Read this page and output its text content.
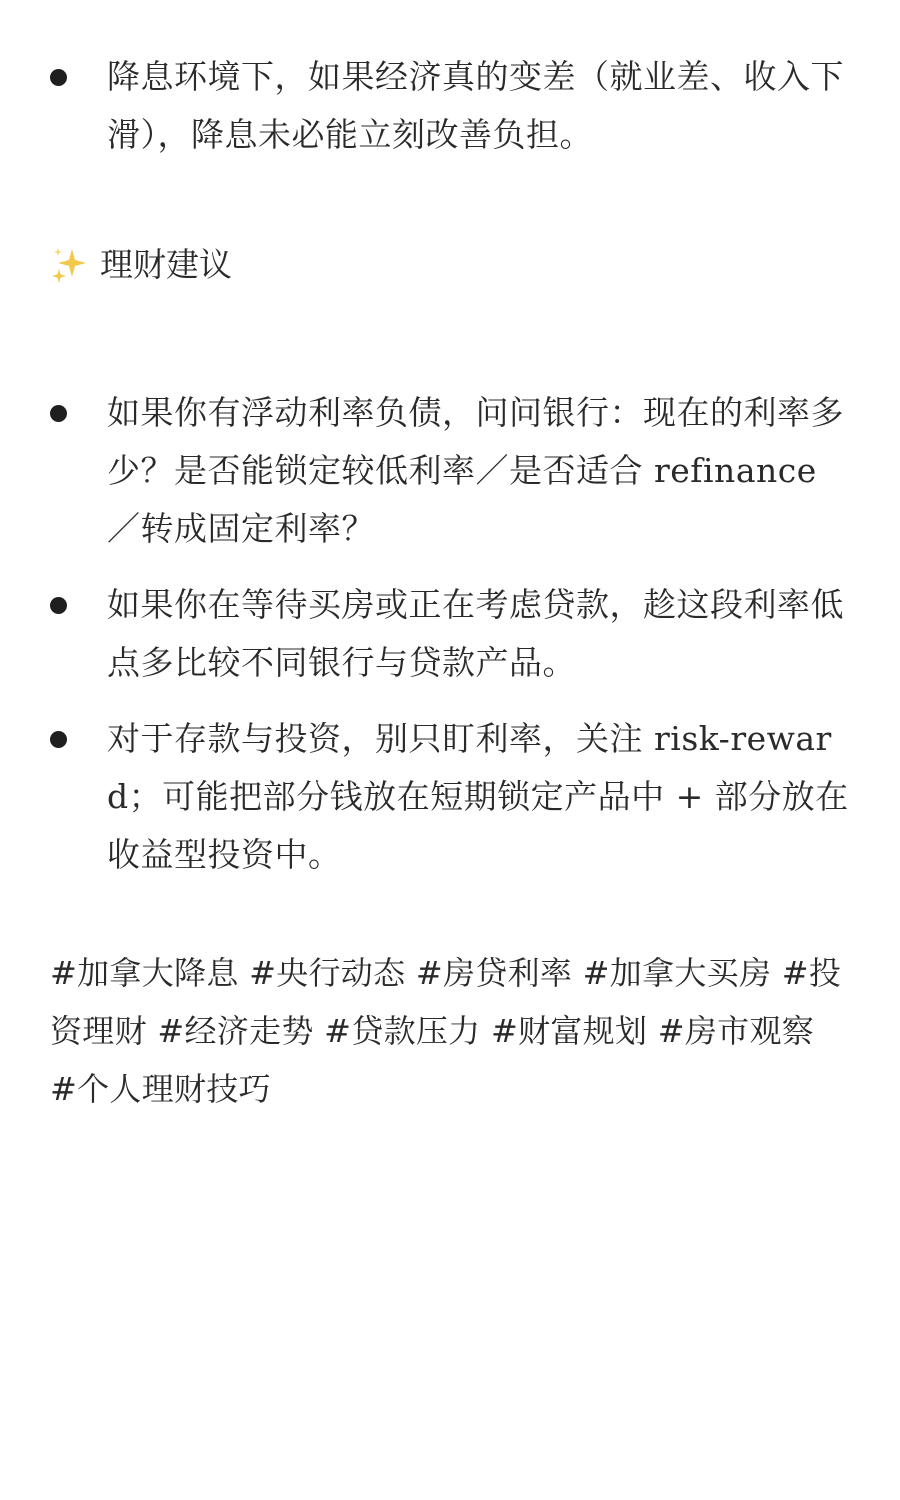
降息环境下，如果经济真的变差（就业差、收入下滑），降息未必能立刻改善负担。
理财建议
如果你有浮动利率负债，问问银行：现在的利率多少？是否能锁定较低利率／是否适合 refinance／转成固定利率？
如果你在等待买房或正在考虑贷款，趁这段利率低点多比较不同银行与贷款产品。
对于存款与投资，别只盯利率，关注 risk-reward；可能把部分钱放在短期锁定产品中 + 部分放在收益型投资中。
#加拿大降息 #央行动态 #房贷利率 #加拿大买房 #投资理财 #经济走势 #贷款压力 #财富规划 #房市观察 #个人理财技巧
